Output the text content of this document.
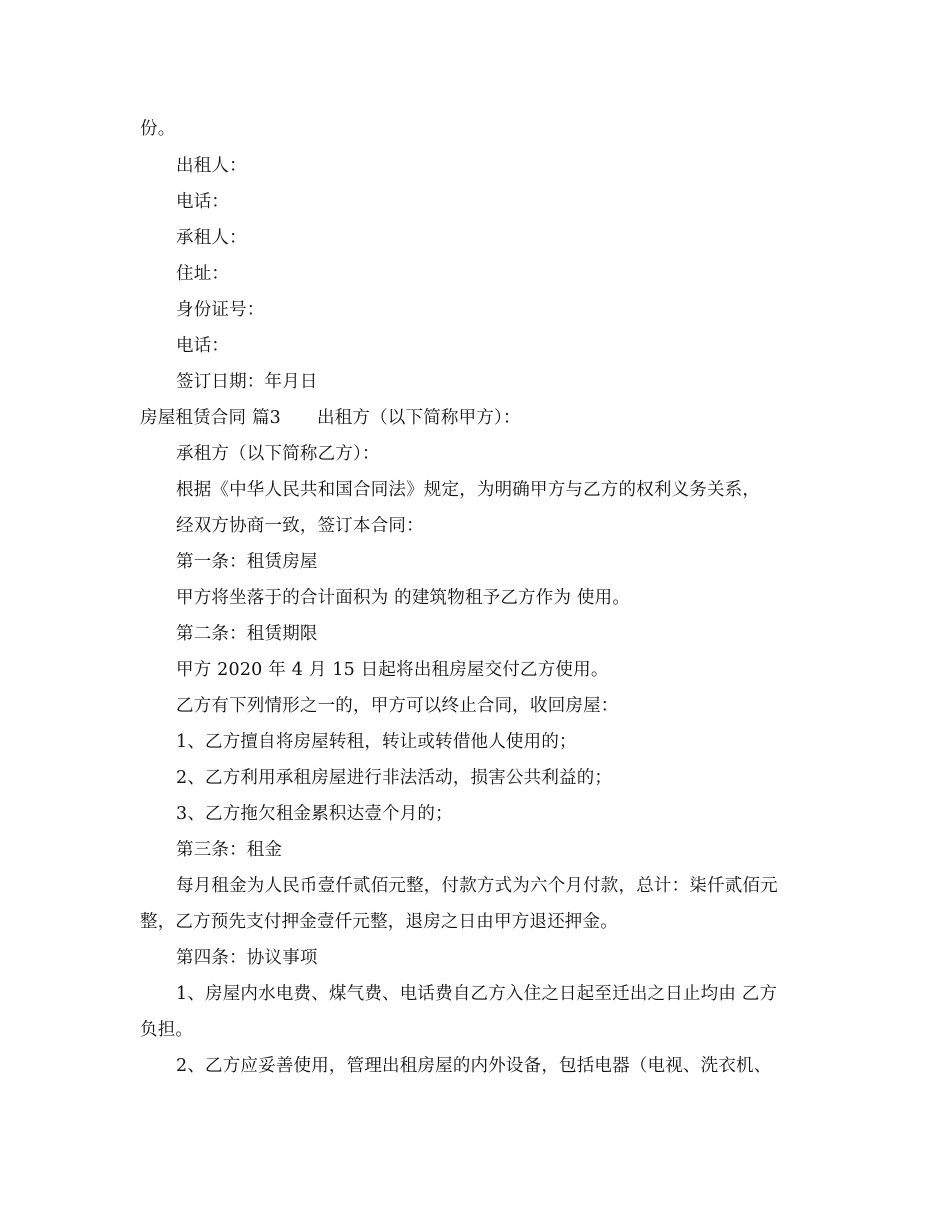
份。
出租人：
电话：
承租人：
住址：
身份证号：
电话：
签订日期：年月日
房屋租赁合同 篇3 出租方（以下简称甲方）：
承租方（以下简称乙方）：
根据《中华人民共和国合同法》规定，为明确甲方与乙方的权利义务关系，
经双方协商一致，签订本合同：
第一条：租赁房屋
甲方将坐落于的合计面积为 的建筑物租予乙方作为 使用。
第二条：租赁期限
甲方 2020 年 4 月 15 日起将出租房屋交付乙方使用。
乙方有下列情形之一的，甲方可以终止合同，收回房屋：
1、乙方擅自将房屋转租，转让或转借他人使用的；
2、乙方利用承租房屋进行非法活动，损害公共利益的；
3、乙方拖欠租金累积达壹个月的；
第三条：租金
每月租金为人民币壹仟贰佰元整，付款方式为六个月付款，总计：柒仟贰佰元
整，乙方预先支付押金壹仟元整，退房之日由甲方退还押金。
第四条：协议事项
1、房屋内水电费、煤气费、电话费自乙方入住之日起至迁出之日止均由 乙方
负担。
2、乙方应妥善使用，管理出租房屋的内外设备，包括电器（电视、洗衣机、
